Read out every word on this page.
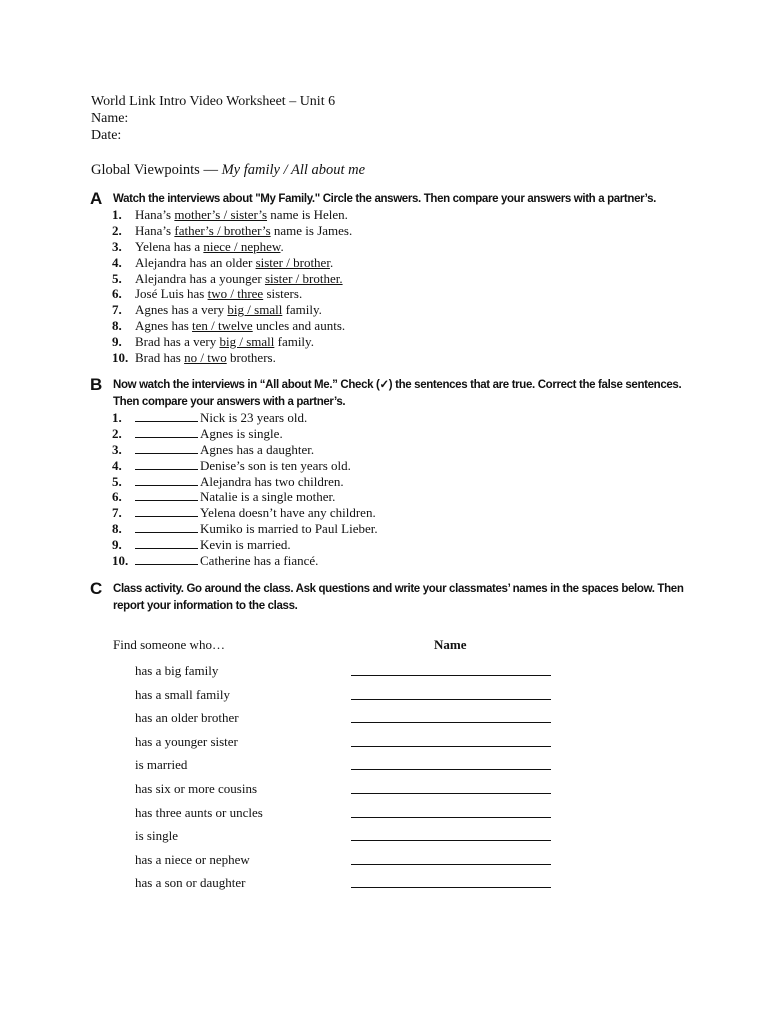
World Link Intro Video Worksheet – Unit 6
Name:
Date:
Global Viewpoints — My family / All about me
A Watch the interviews about "My Family." Circle the answers. Then compare your answers with a partner’s.
1. Hana’s mother’s / sister’s name is Helen.
2. Hana’s father’s / brother’s name is James.
3. Yelena has a niece / nephew.
4. Alejandra has an older sister / brother.
5. Alejandra has a younger sister / brother.
6. José Luis has two / three sisters.
7. Agnes has a very big / small family.
8. Agnes has ten / twelve uncles and aunts.
9. Brad has a very big / small family.
10. Brad has no / two brothers.
B Now watch the interviews in “All about Me.” Check (✓) the sentences that are true. Correct the false sentences. Then compare your answers with a partner’s.
1.	Nick is 23 years old.
2.	Agnes is single.
3.	Agnes has a daughter.
4.	Denise’s son is ten years old.
5.	Alejandra has two children.
6.	Natalie is a single mother.
7.	Yelena doesn’t have any children.
8.	Kumiko is married to Paul Lieber.
9.	Kevin is married.
10.	Catherine has a fiancé.
C Class activity. Go around the class. Ask questions and write your classmates’ names in the spaces below. Then report your information to the class.
Find someone who…	Name
has a big family
has a small family
has an older brother
has a younger sister
is married
has six or more cousins
has three aunts or uncles
is single
has a niece or nephew
has a son or daughter
